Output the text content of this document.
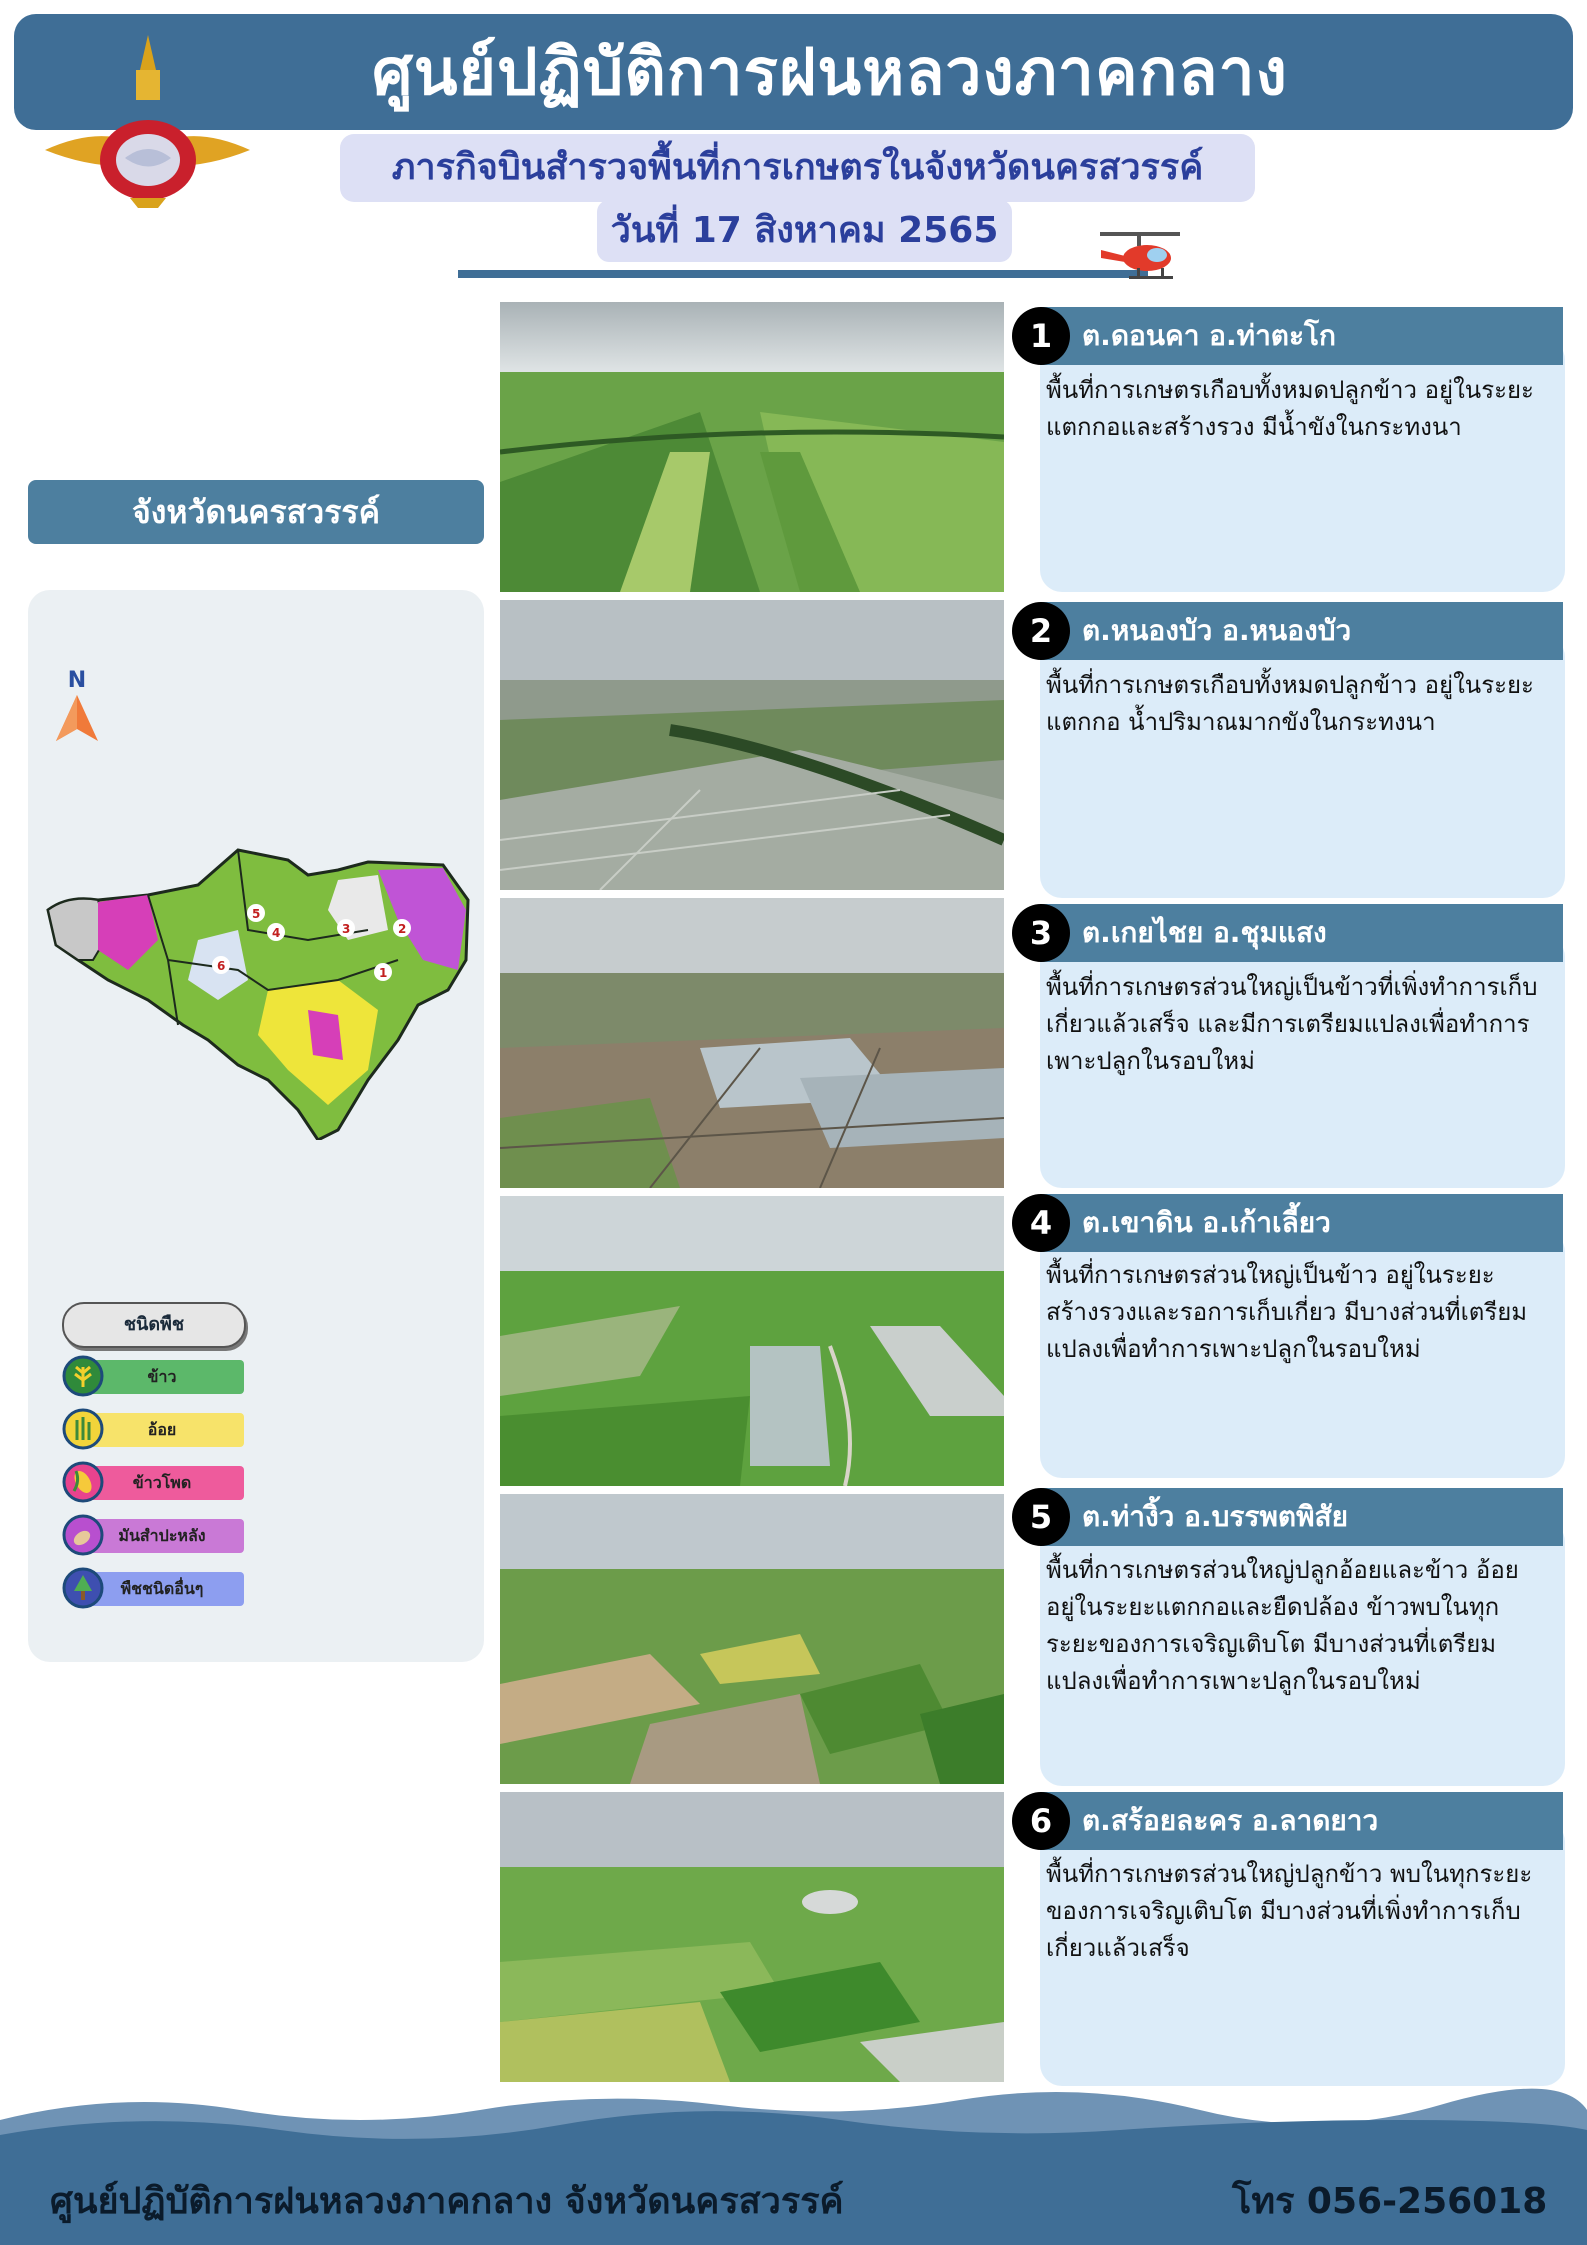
ศูนย์ปฏิบัติการฝนหลวงภาคกลาง
ภารกิจบินสำรวจพื้นที่การเกษตรในจังหวัดนครสวรรค์
วันที่ 17 สิงหาคม 2565
จังหวัดนครสวรรค์
N
1
2
3
4
5
6
ชนิดพืช
ข้าว
อ้อย
ข้าวโพด
มันสำปะหลัง
พืชชนิดอื่นๆ
ต.ดอนคา อ.ท่าตะโก
1
พื้นที่การเกษตรเกือบทั้งหมดปลูกข้าว อยู่ในระยะ
แตกกอและสร้างรวง มีน้ำขังในกระทงนา
ต.หนองบัว อ.หนองบัว
2
พื้นที่การเกษตรเกือบทั้งหมดปลูกข้าว อยู่ในระยะ
แตกกอ น้ำปริมาณมากขังในกระทงนา
ต.เกยไชย อ.ชุมแสง
3
พื้นที่การเกษตรส่วนใหญ่เป็นข้าวที่เพิ่งทำการเก็บ
เกี่ยวแล้วเสร็จ และมีการเตรียมแปลงเพื่อทำการ
เพาะปลูกในรอบใหม่
ต.เขาดิน อ.เก้าเลี้ยว
4
พื้นที่การเกษตรส่วนใหญ่เป็นข้าว อยู่ในระยะ
สร้างรวงและรอการเก็บเกี่ยว มีบางส่วนที่เตรียม
แปลงเพื่อทำการเพาะปลูกในรอบใหม่
ต.ท่างิ้ว อ.บรรพตพิสัย
5
พื้นที่การเกษตรส่วนใหญ่ปลูกอ้อยและข้าว อ้อย
อยู่ในระยะแตกกอและยืดปล้อง ข้าวพบในทุก
ระยะของการเจริญเติบโต มีบางส่วนที่เตรียม
แปลงเพื่อทำการเพาะปลูกในรอบใหม่
ต.สร้อยละคร อ.ลาดยาว
6
พื้นที่การเกษตรส่วนใหญ่ปลูกข้าว พบในทุกระยะ
ของการเจริญเติบโต มีบางส่วนที่เพิ่งทำการเก็บ
เกี่ยวแล้วเสร็จ
ศูนย์ปฏิบัติการฝนหลวงภาคกลาง จังหวัดนครสวรรค์	โทร 056-256018
